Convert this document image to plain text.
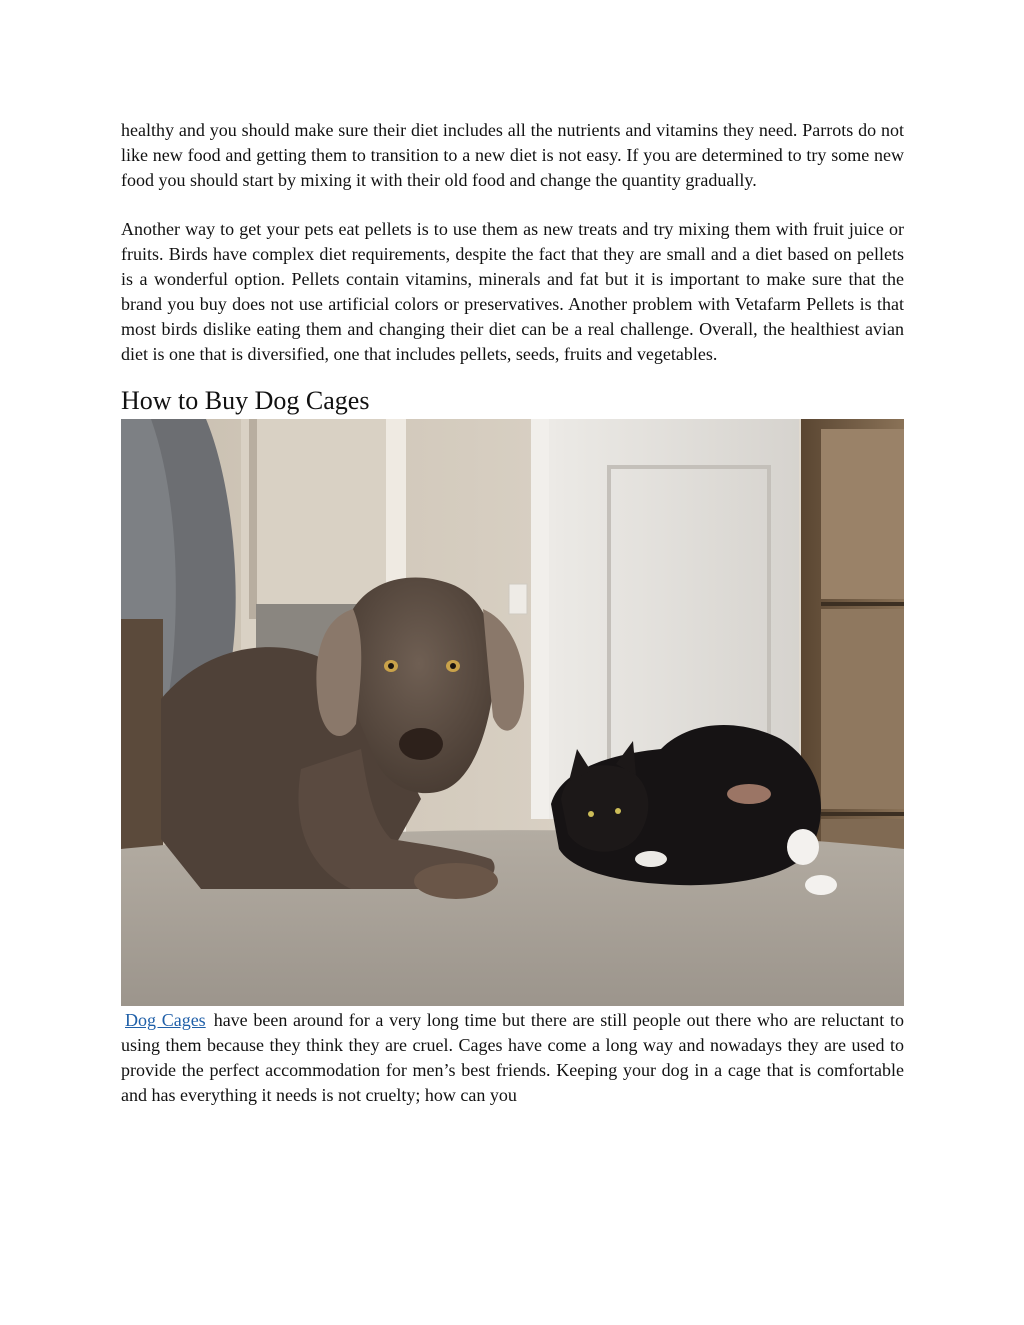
healthy and you should make sure their diet includes all the nutrients and vitamins they need. Parrots do not like new food and getting them to transition to a new diet is not easy. If you are determined to try some new food you should start by mixing it with their old food and change the quantity gradually.

Another way to get your pets eat pellets is to use them as new treats and try mixing them with fruit juice or fruits. Birds have complex diet requirements, despite the fact that they are small and a diet based on pellets is a wonderful option. Pellets contain vitamins, minerals and fat but it is important to make sure that the brand you buy does not use artificial colors or preservatives. Another problem with Vetafarm Pellets is that most birds dislike eating them and changing their diet can be a real challenge. Overall, the healthiest avian diet is one that is diversified, one that includes pellets, seeds, fruits and vegetables.

How to Buy Dog Cages

Dog Cages have been around for a very long time but there are still people out there who are reluctant to using them because they think they are cruel. Cages have come a long way and nowadays they are used to provide the perfect accommodation for men’s best friends. Keeping your dog in a cage that is comfortable and has everything it needs is not cruelty; how can you
